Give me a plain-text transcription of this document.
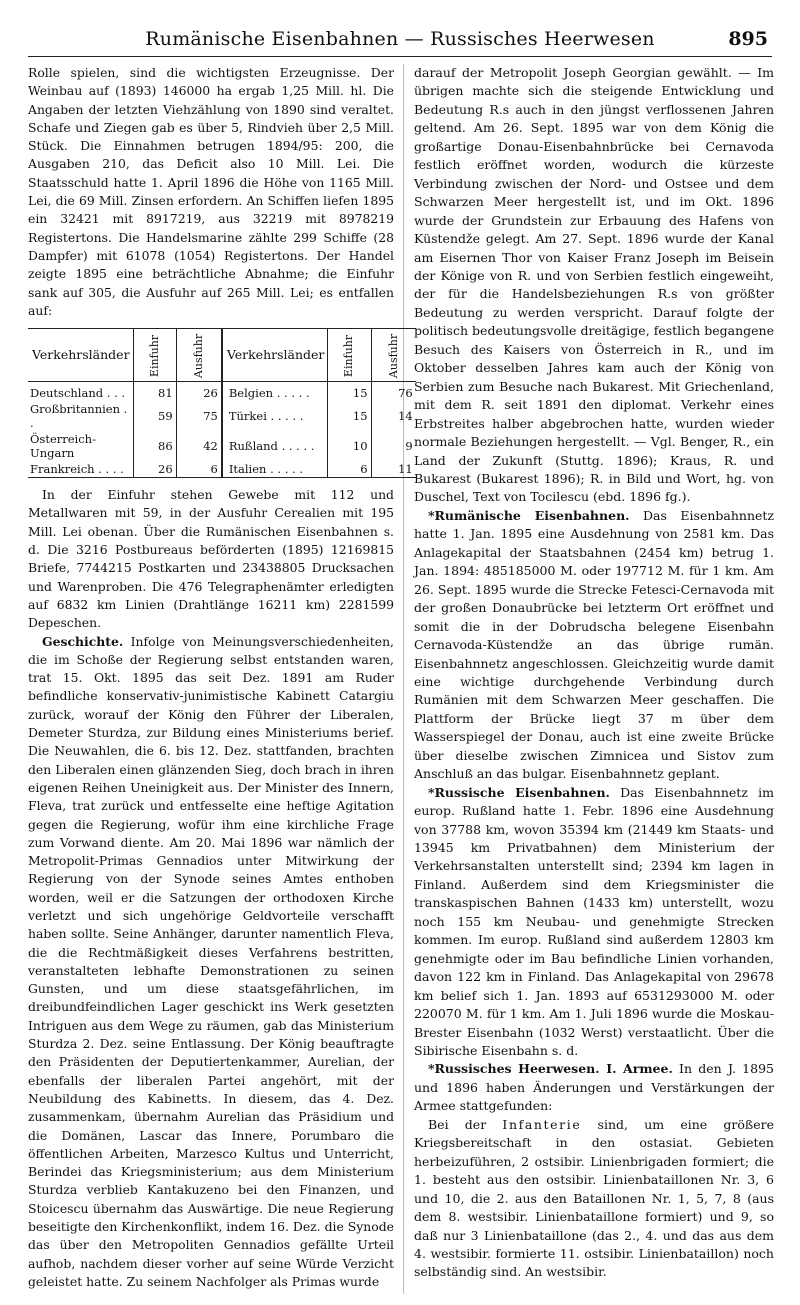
Rumänische Eisenbahnen — Russisches Heerwesen	895

Rolle spielen, sind die wichtigsten Erzeugnisse. Der Weinbau auf (1893) 146000 ha ergab 1,25 Mill. hl. Die Angaben der letzten Viehzählung von 1890 sind veraltet. Schafe und Ziegen gab es über 5, Rindvieh über 2,5 Mill. Stück. Die Einnahmen betrugen 1894/95: 200, die Ausgaben 210, das Deficit also 10 Mill. Lei. Die Staatsschuld hatte 1. April 1896 die Höhe von 1165 Mill. Lei, die 69 Mill. Zinsen erfordern. An Schiffen liefen 1895 ein 32421 mit 8917219, aus 32219 mit 8978219 Registertons. Die Handelsmarine zählte 299 Schiffe (28 Dampfer) mit 61078 (1054) Registertons. Der Handel zeigte 1895 eine beträchtliche Abnahme; die Einfuhr sank auf 305, die Ausfuhr auf 265 Mill. Lei; es entfallen auf:

Verkehrsländer	Einfuhr	Ausfuhr	Verkehrsländer	Einfuhr	Ausfuhr
Deutschland . . .	81	26	Belgien . . . . .	15	76
Großbritannien . .	59	75	Türkei . . . . .	15	14
Österreich-Ungarn	86	42	Rußland . . . . .	10	9
Frankreich . . . .	26	6	Italien . . . . .	6	11

In der Einfuhr stehen Gewebe mit 112 und Metallwaren mit 59, in der Ausfuhr Cerealien mit 195 Mill. Lei obenan. Über die Rumänischen Eisenbahnen s. d. Die 3216 Postbureaus beförderten (1895) 12169815 Briefe, 7744215 Postkarten und 23438805 Drucksachen und Warenproben. Die 476 Telegraphenämter erledigten auf 6832 km Linien (Drahtlänge 16211 km) 2281599 Depeschen.

Geschichte. Infolge von Meinungsverschiedenheiten, die im Schoße der Regierung selbst entstanden waren, trat 15. Okt. 1895 das seit Dez. 1891 am Ruder befindliche konservativ-junimistische Kabinett Catargiu zurück, worauf der König den Führer der Liberalen, Demeter Sturdza, zur Bildung eines Ministeriums berief. Die Neuwahlen, die 6. bis 12. Dez. stattfanden, brachten den Liberalen einen glänzenden Sieg, doch brach in ihren eigenen Reihen Uneinigkeit aus. Der Minister des Innern, Fleva, trat zurück und entfesselte eine heftige Agitation gegen die Regierung, wofür ihm eine kirchliche Frage zum Vorwand diente. Am 20. Mai 1896 war nämlich der Metropolit-Primas Gennadios unter Mitwirkung der Regierung von der Synode seines Amtes enthoben worden, weil er die Satzungen der orthodoxen Kirche verletzt und sich ungehörige Geldvorteile verschafft haben sollte. Seine Anhänger, darunter namentlich Fleva, die die Rechtmäßigkeit dieses Verfahrens bestritten, veranstalteten lebhafte Demonstrationen zu seinen Gunsten, und um diese staatsgefährlichen, im dreibundfeindlichen Lager geschickt ins Werk gesetzten Intriguen aus dem Wege zu räumen, gab das Ministerium Sturdza 2. Dez. seine Entlassung. Der König beauftragte den Präsidenten der Deputiertenkammer, Aurelian, der ebenfalls der liberalen Partei angehört, mit der Neubildung des Kabinetts. In diesem, das 4. Dez. zusammenkam, übernahm Aurelian das Präsidium und die Domänen, Lascar das Innere, Porumbaro die öffentlichen Arbeiten, Marzesco Kultus und Unterricht, Berindei das Kriegsministerium; aus dem Ministerium Sturdza verblieb Kantakuzeno bei den Finanzen, und Stoicescu übernahm das Auswärtige. Die neue Regierung beseitigte den Kirchenkonflikt, indem 16. Dez. die Synode das über den Metropoliten Gennadios gefällte Urteil aufhob, nachdem dieser vorher auf seine Würde Verzicht geleistet hatte. Zu seinem Nachfolger als Primas wurde

darauf der Metropolit Joseph Georgian gewählt. — Im übrigen machte sich die steigende Entwicklung und Bedeutung R.s auch in den jüngst verflossenen Jahren geltend. Am 26. Sept. 1895 war von dem König die großartige Donau-Eisenbahnbrücke bei Cernavoda festlich eröffnet worden, wodurch die kürzeste Verbindung zwischen der Nord- und Ostsee und dem Schwarzen Meer hergestellt ist, und im Okt. 1896 wurde der Grundstein zur Erbauung des Hafens von Küstendže gelegt. Am 27. Sept. 1896 wurde der Kanal am Eisernen Thor von Kaiser Franz Joseph im Beisein der Könige von R. und von Serbien festlich eingeweiht, der für die Handelsbeziehungen R.s von größter Bedeutung zu werden verspricht. Darauf folgte der politisch bedeutungsvolle dreitägige, festlich begangene Besuch des Kaisers von Österreich in R., und im Oktober desselben Jahres kam auch der König von Serbien zum Besuche nach Bukarest. Mit Griechenland, mit dem R. seit 1891 den diplomat. Verkehr eines Erbstreites halber abgebrochen hatte, wurden wieder normale Beziehungen hergestellt. — Vgl. Benger, R., ein Land der Zukunft (Stuttg. 1896); Kraus, R. und Bukarest (Bukarest 1896); R. in Bild und Wort, hg. von Duschel, Text von Tocilescu (ebd. 1896 fg.).

*Rumänische Eisenbahnen. Das Eisenbahnnetz hatte 1. Jan. 1895 eine Ausdehnung von 2581 km. Das Anlagekapital der Staatsbahnen (2454 km) betrug 1. Jan. 1894: 485185000 M. oder 197712 M. für 1 km. Am 26. Sept. 1895 wurde die Strecke Fetesci-Cernavoda mit der großen Donaubrücke bei letzterm Ort eröffnet und somit die in der Dobrudscha belegene Eisenbahn Cernavoda-Küstendže an das übrige rumän. Eisenbahnnetz angeschlossen. Gleichzeitig wurde damit eine wichtige durchgehende Verbindung durch Rumänien mit dem Schwarzen Meer geschaffen. Die Plattform der Brücke liegt 37 m über dem Wasserspiegel der Donau, auch ist eine zweite Brücke über dieselbe zwischen Zimnicea und Sistov zum Anschluß an das bulgar. Eisenbahnnetz geplant.

*Russische Eisenbahnen. Das Eisenbahnnetz im europ. Rußland hatte 1. Febr. 1896 eine Ausdehnung von 37788 km, wovon 35394 km (21449 km Staats- und 13945 km Privatbahnen) dem Ministerium der Verkehrsanstalten unterstellt sind; 2394 km lagen in Finland. Außerdem sind dem Kriegsminister die transkaspischen Bahnen (1433 km) unterstellt, wozu noch 155 km Neubau- und genehmigte Strecken kommen. Im europ. Rußland sind außerdem 12803 km genehmigte oder im Bau befindliche Linien vorhanden, davon 122 km in Finland. Das Anlagekapital von 29678 km belief sich 1. Jan. 1893 auf 6531293000 M. oder 220070 M. für 1 km. Am 1. Juli 1896 wurde die Moskau-Brester Eisenbahn (1032 Werst) verstaatlicht. Über die Sibirische Eisenbahn s. d.

*Russisches Heerwesen. I. Armee. In den J. 1895 und 1896 haben Änderungen und Verstärkungen der Armee stattgefunden:

Bei der Infanterie sind, um eine größere Kriegsbereitschaft in den ostasiat. Gebieten herbeizuführen, 2 ostsibir. Linienbrigaden formiert; die 1. besteht aus den ostsibir. Linienbataillonen Nr. 3, 6 und 10, die 2. aus den Bataillonen Nr. 1, 5, 7, 8 (aus dem 8. westsibir. Linienbataillone formiert) und 9, so daß nur 3 Linienbataillone (das 2., 4. und das aus dem 4. westsibir. formierte 11. ostsibir. Linienbataillon) noch selbständig sind. An westsibir.
